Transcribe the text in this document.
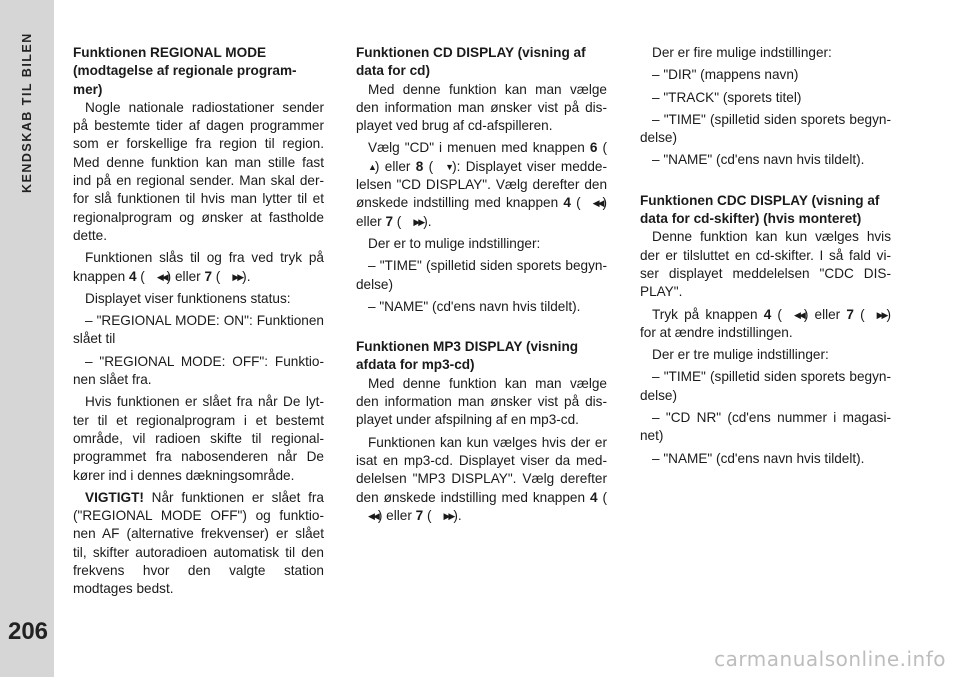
KENDSKAB TIL BILEN
206
Funktionen REGIONAL MODE (modtagelse af regionale program-mer)

Nogle nationale radiostationer sender på bestemte tider af dagen programmer som er forskellige fra region til region. Med denne funktion kan man stille fast ind på en regional sender. Man skal der-for slå funktionen til hvis man lytter til et regionalprogram og ønsker at fastholde dette.

Funktionen slås til og fra ved tryk på knappen 4 ( ◀◀) eller 7 ( ▶▶).

Displayet viser funktionens status:

– "REGIONAL MODE: ON": Funktionen slået til

– "REGIONAL MODE: OFF": Funktio-nen slået fra.

Hvis funktionen er slået fra når De lyt-ter til et regionalprogram i et bestemt område, vil radioen skifte til regional-programmet fra nabosenderen når De kører ind i dennes dækningsområde.

VIGTIGT! Når funktionen er slået fra ("REGIONAL MODE OFF") og funktio-nen AF (alternative frekvenser) er slået til, skifter autoradioen automatisk til den frekvens hvor den valgte station modtages bedst.

Funktionen CD DISPLAY (visning af data for cd)

Med denne funktion kan man vælge den information man ønsker vist på dis-playet ved brug af cd-afspilleren.

Vælg "CD" i menuen med knappen 6 (▲) eller 8 ( ▼): Displayet viser medde-lelsen "CD DISPLAY". Vælg derefter den ønskede indstilling med knappen 4 ( ◀◀) eller 7 ( ▶▶).

Der er to mulige indstillinger:

– "TIME" (spilletid siden sporets begyn-delse)

– "NAME" (cd'ens navn hvis tildelt).

Funktionen MP3 DISPLAY (visning afdata for mp3-cd)

Med denne funktion kan man vælge den information man ønsker vist på dis-playet under afspilning af en mp3-cd.

Funktionen kan kun vælges hvis der er isat en mp3-cd. Displayet viser da med-delelsen "MP3 DISPLAY". Vælg derefter den ønskede indstilling med knappen 4 (◀◀) eller 7 ( ▶▶).

Der er fire mulige indstillinger:

– "DIR" (mappens navn)

– "TRACK" (sporets titel)

– "TIME" (spilletid siden sporets begyn-delse)

– "NAME" (cd'ens navn hvis tildelt).

Funktionen CDC DISPLAY (visning af data for cd-skifter) (hvis monteret)

Denne funktion kan kun vælges hvis der er tilsluttet en cd-skifter. I så fald vi-ser displayet meddelelsen "CDC DIS-PLAY".

Tryk på knappen 4 ( ◀◀) eller 7 ( ▶▶) for at ændre indstillingen.

Der er tre mulige indstillinger:

– "TIME" (spilletid siden sporets begyn-delse)

– "CD NR" (cd'ens nummer i magasi-net)

– "NAME" (cd'ens navn hvis tildelt).

carmanualsonline.info
